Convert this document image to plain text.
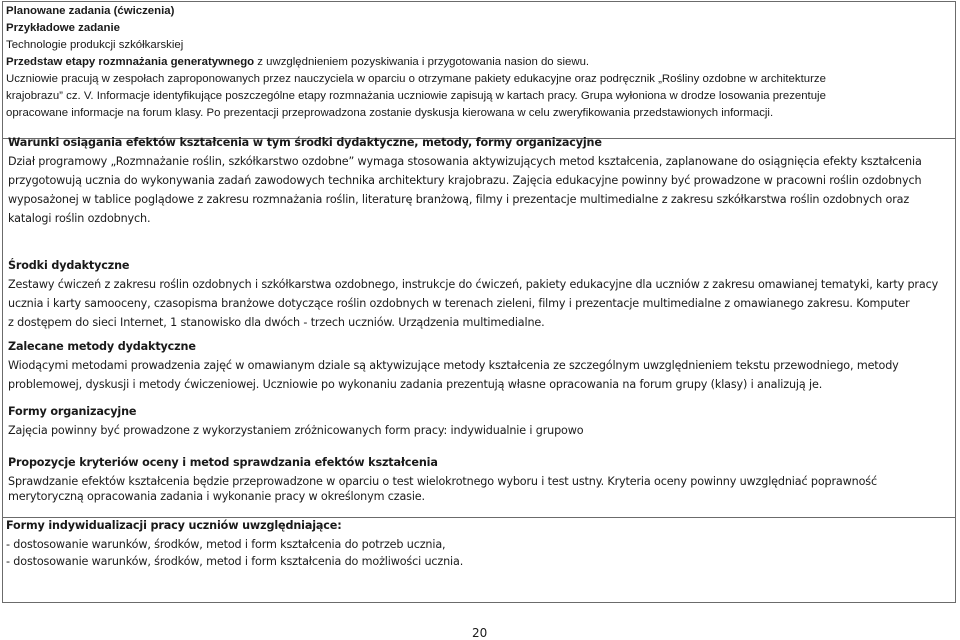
Planowane zadania (ćwiczenia)
Przykładowe zadanie
Technologie produkcji szkółkarskiej
Przedstaw etapy rozmnażania generatywnego z uwzględnieniem pozyskiwania i przygotowania nasion do siewu.
Uczniowie pracują w zespołach zaproponowanych przez nauczyciela w oparciu o otrzymane pakiety edukacyjne oraz podręcznik „Rośliny ozdobne w architekturze
krajobrazu” cz. V. Informacje identyfikujące poszczególne etapy rozmnażania uczniowie zapisują w kartach pracy. Grupa wyłoniona w drodze losowania prezentuje
opracowane informacje na forum klasy. Po prezentacji przeprowadzona zostanie dyskusja kierowana w celu zweryfikowania przedstawionych informacji.
Warunki osiągania efektów kształcenia w tym środki dydaktyczne, metody, formy organizacyjne
Dział programowy „Rozmnażanie roślin, szkółkarstwo ozdobne” wymaga stosowania aktywizujących metod kształcenia, zaplanowane do osiągnięcia efekty kształcenia
przygotowują ucznia do wykonywania zadań zawodowych technika architektury krajobrazu. Zajęcia edukacyjne powinny być prowadzone w pracowni roślin ozdobnych
wyposażonej w tablice poglądowe z zakresu rozmnażania roślin, literaturę branżową, filmy i prezentacje multimedialne z zakresu szkółkarstwa roślin ozdobnych oraz
katalogi roślin ozdobnych.
Środki dydaktyczne
Zestawy ćwiczeń z zakresu roślin ozdobnych i szkółkarstwa ozdobnego, instrukcje do ćwiczeń, pakiety edukacyjne dla uczniów z zakresu omawianej tematyki, karty pracy
ucznia i karty samooceny, czasopisma branżowe dotyczące roślin ozdobnych w terenach zieleni, filmy i prezentacje multimedialne z omawianego zakresu. Komputer
z dostępem do sieci Internet, 1 stanowisko dla dwóch - trzech uczniów. Urządzenia multimedialne.
Zalecane metody dydaktyczne
Wiodącymi metodami prowadzenia zajęć w omawianym dziale są aktywizujące metody kształcenia ze szczególnym uwzględnieniem tekstu przewodniego, metody
problemowej, dyskusji i metody ćwiczeniowej. Uczniowie po wykonaniu zadania prezentują własne opracowania na forum grupy (klasy) i analizują je.
Formy organizacyjne
Zajęcia powinny być prowadzone z wykorzystaniem zróżnicowanych form pracy: indywidualnie i grupowo
Propozycje kryteriów oceny i metod sprawdzania efektów kształcenia
Sprawdzanie efektów kształcenia będzie przeprowadzone w oparciu o test wielokrotnego wyboru i test ustny. Kryteria oceny powinny uwzględniać poprawność
merytoryczną opracowania zadania i wykonanie pracy w określonym czasie.
Formy indywidualizacji pracy uczniów uwzględniające:
- dostosowanie warunków, środków, metod i form kształcenia do potrzeb ucznia,
- dostosowanie warunków, środków, metod i form kształcenia do możliwości ucznia.
20
